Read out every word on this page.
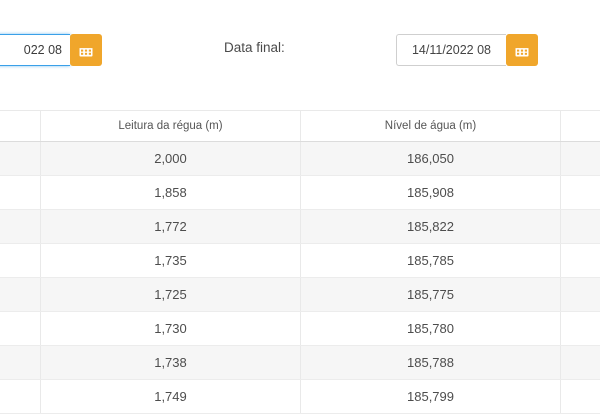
022 08	Data final:	14/11/2022 08
	Leitura da régua (m)	Nível de água (m)	
	2,000	186,050	
	1,858	185,908	
	1,772	185,822	
	1,735	185,785	
	1,725	185,775	
	1,730	185,780	
	1,738	185,788	
	1,749	185,799	
